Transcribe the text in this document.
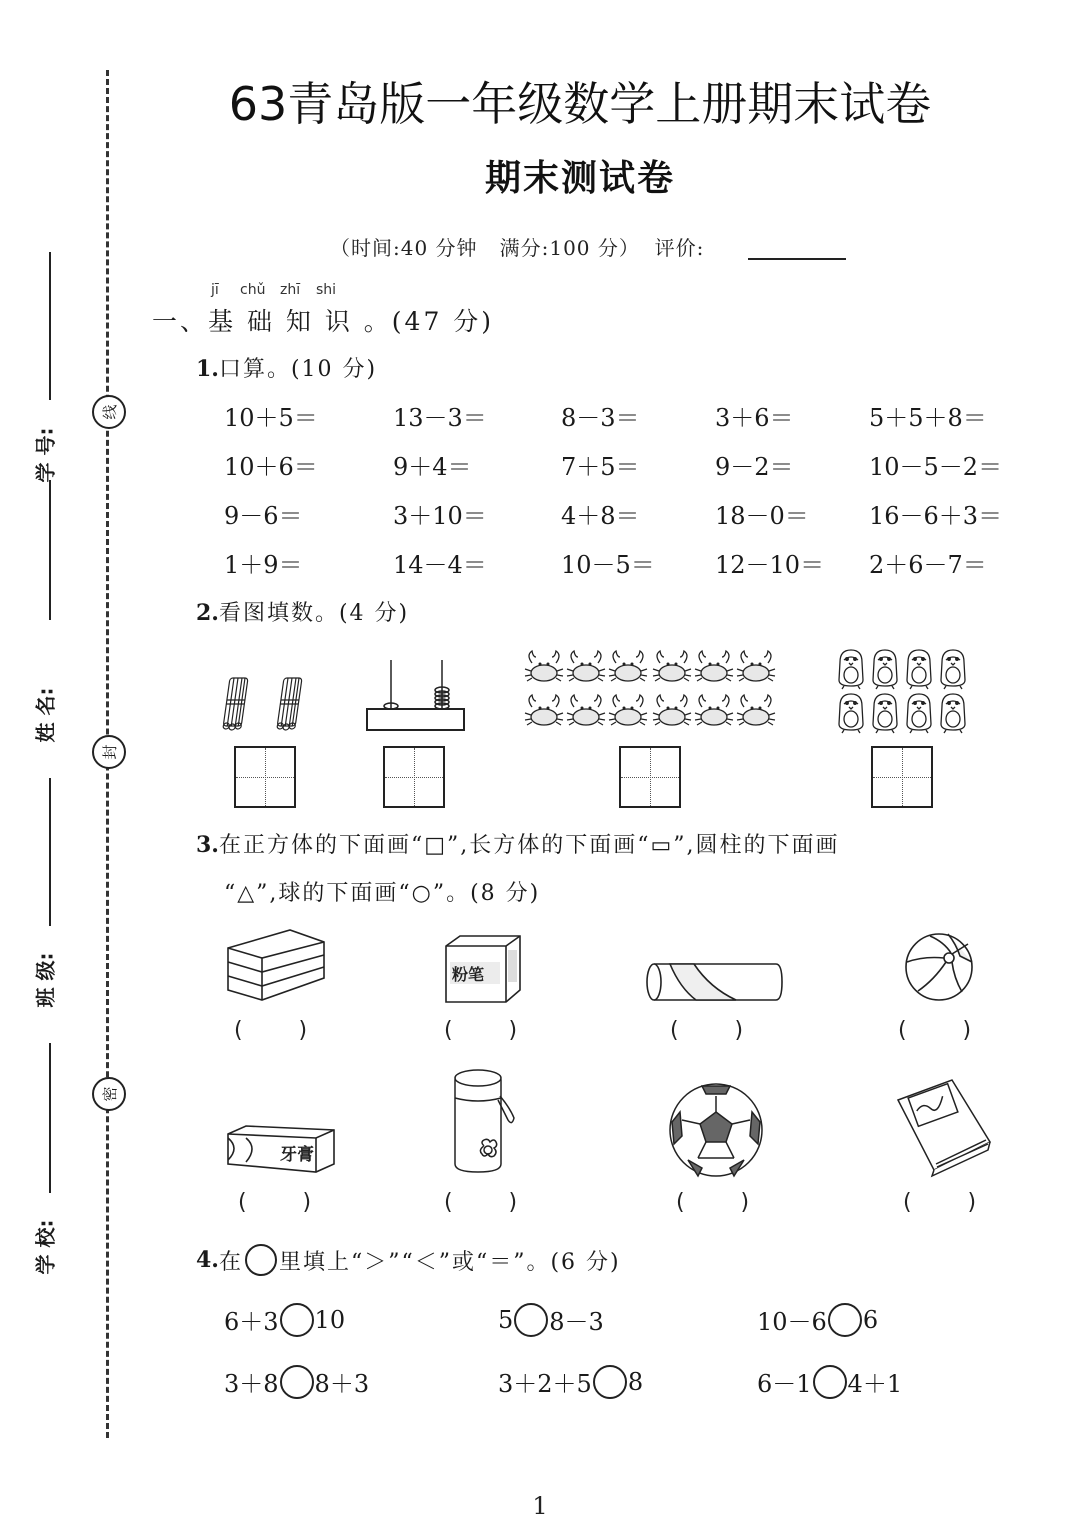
63青岛版一年级数学上册期末试卷
期末测试卷
（时间:40 分钟   满分:100 分）  评价:
线
封
密
学 号:
姓 名:
班 级:
学 校:
jī chǔ zhī shi
一、基 础 知 识 。(47 分)
1.口算。(10 分)
10＋5＝	13－3＝	8－3＝	3＋6＝	5＋5＋8＝
10＋6＝	9＋4＝	7＋5＝	9－2＝	10－5－2＝
9－6＝	3＋10＝	4＋8＝	18－0＝	16－6＋3＝
1＋9＝	14－4＝	10－5＝	12－10＝ 2＋6－7＝
2.看图填数。(4 分)
3.在正方体的下面画“□”,长方体的下面画“▭”,圆柱的下面画
“△”,球的下面画“○”。(8 分)
粉笔
(        )	(        )	(        )	(        )
牙膏
(        )	(        )	(        )	(        )
4. 在 里填上“＞”“＜”或“＝”。(6 分)
6＋3 10	5 8－3	10－6 6
3＋8 8＋3	3＋2＋5 8	6－1 4＋1
1
